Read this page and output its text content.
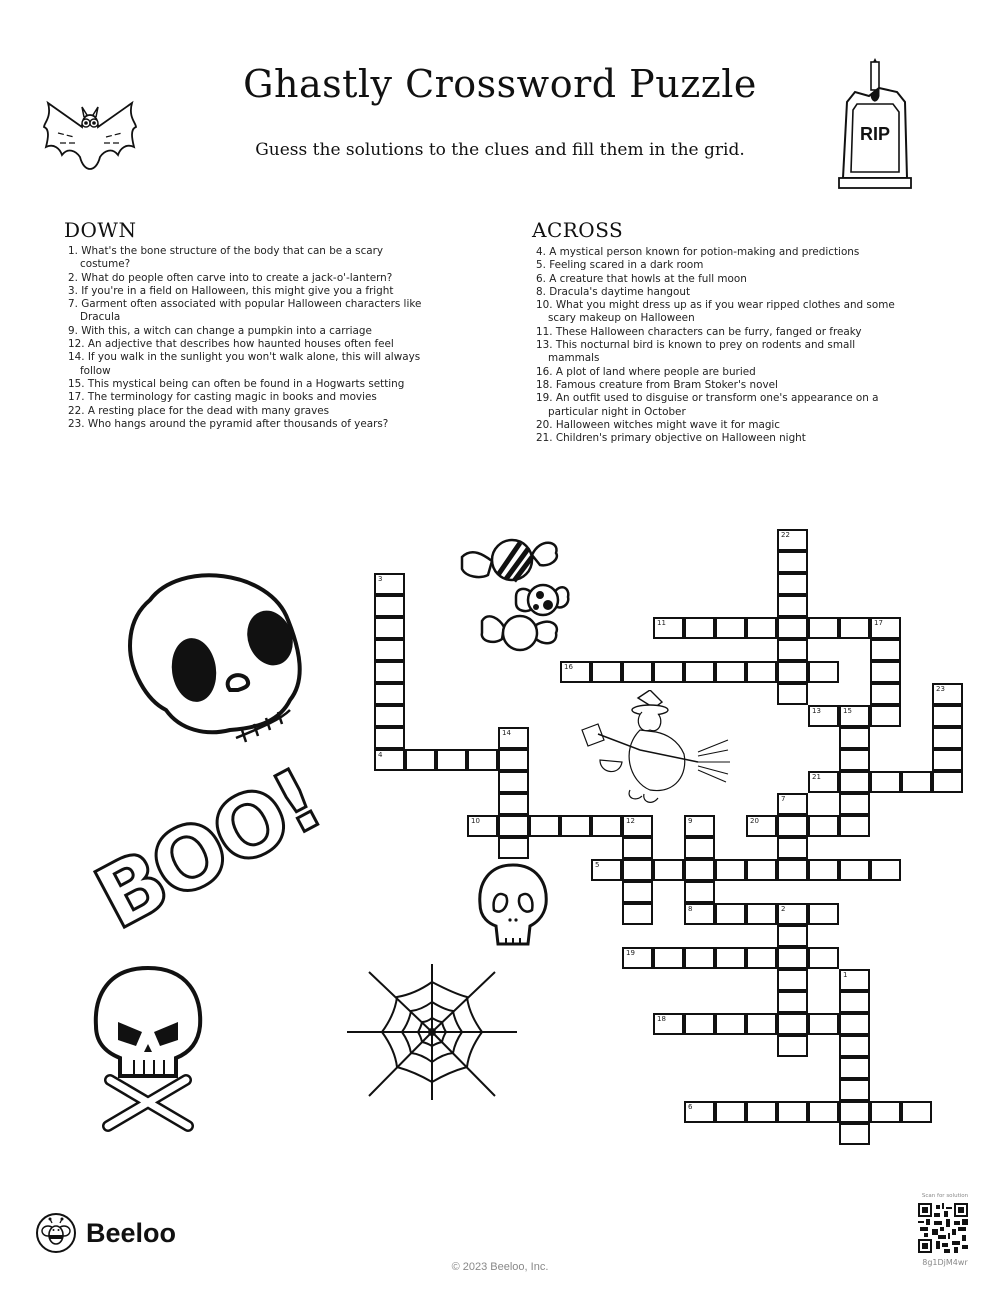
Ghastly Crossword Puzzle
Guess the solutions to the clues and fill them in the grid.
RIP
DOWN
1. What's the bone structure of the body that can be a scary costume?
2. What do people often carve into to create a jack-o'-lantern?
3. If you're in a field on Halloween, this might give you a fright
7. Garment often associated with popular Halloween characters like Dracula
9. With this, a witch can change a pumpkin into a carriage
12. An adjective that describes how haunted houses often feel
14. If you walk in the sunlight you won't walk alone, this will always follow
15. This mystical being can often be found in a Hogwarts setting
17. The terminology for casting magic in books and movies
22. A resting place for the dead with many graves
23. Who hangs around the pyramid after thousands of years?
ACROSS
4. A mystical person known for potion-making and predictions
5. Feeling scared in a dark room
6. A creature that howls at the full moon
8. Dracula's daytime hangout
10. What you might dress up as if you wear ripped clothes and some scary makeup on Halloween
11. These Halloween characters can be furry, fanged or freaky
13. This nocturnal bird is known to prey on rodents and small mammals
16. A plot of land where people are buried
18. Famous creature from Bram Stoker's novel
19. An outfit used to disguise or transform one's appearance on a particular night in October
20. Halloween witches might wave it for magic
21. Children's primary objective on Halloween night
BOO!
22
3
4
11	17
16
23
13	15
14
21
7
10	12	9
8
20
5
2
19
1
18
6
Beeloo
Scan for solution
8g1DjM4wr
© 2023 Beeloo, Inc.
